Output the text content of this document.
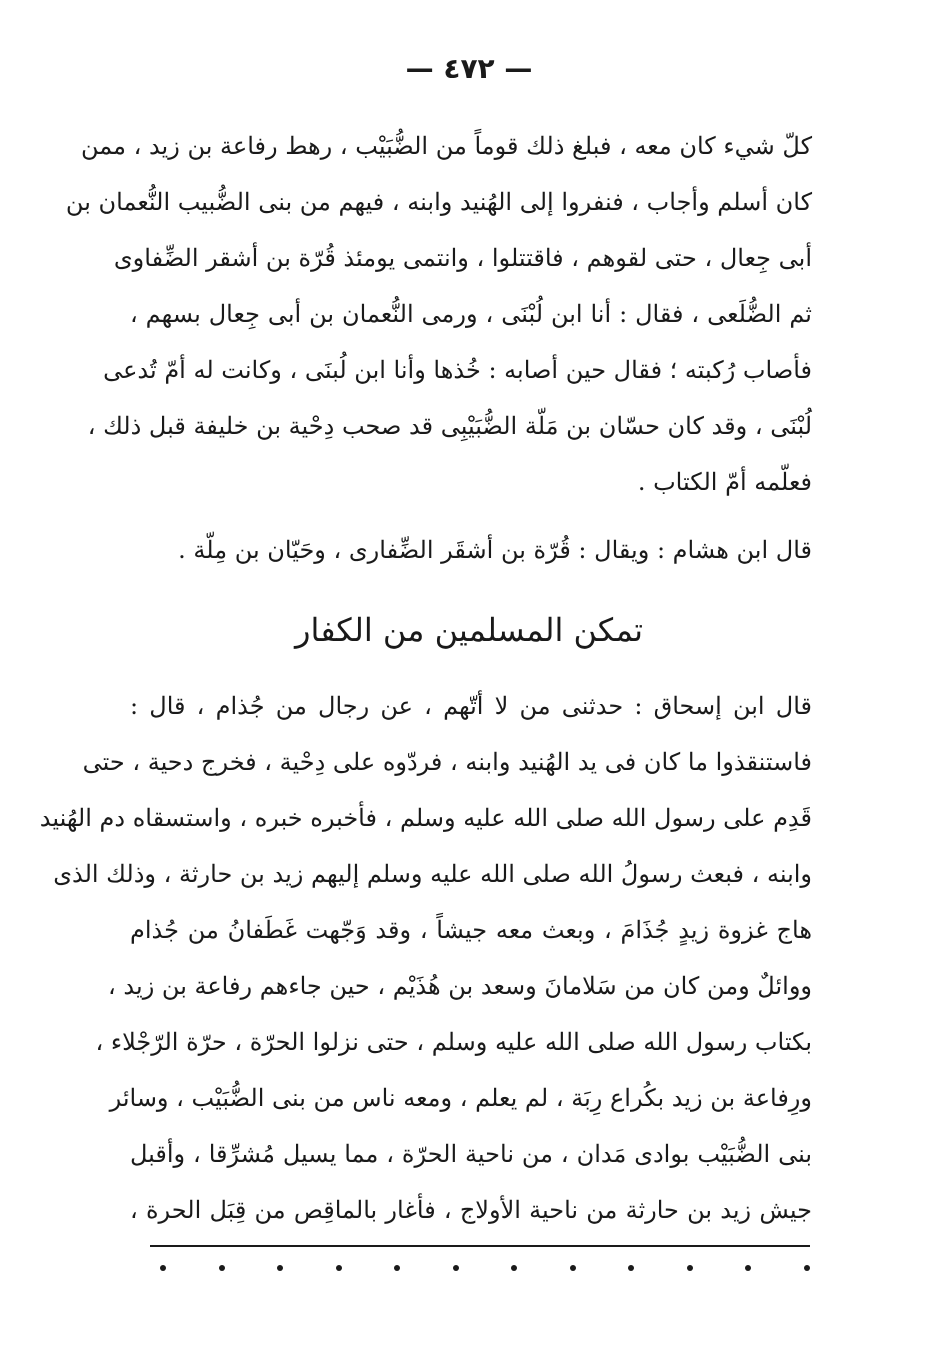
— ٤٧٢ —
كلّ شيء كان معه ، فبلغ ذلك قوماً من الضُّبَيْب ، رهط رفاعة بن زيد ، ممن
كان أسلم وأجاب ، فنفروا إلى الهُنيد وابنه ، فيهم من بنى الضُّبيب النُّعمان بن
أبى جِعال ، حتى لقوهم ، فاقتتلوا ، وانتمى يومئذ قُرّة بن أشقر الضِّفاوى
ثم الضُّلَعى ، فقال : أنا ابن لُبْنَى ، ورمى النُّعمان بن أبى جِعال بسهم ،
فأصاب رُكبته ؛ فقال حين أصابه : خُذها وأنا ابن لُبنَى ، وكانت له أمّ تُدعى
لُبْنَى ، وقد كان حسّان بن مَلّة الضُّبَيْبِى قد صحب دِحْية بن خليفة قبل ذلك ،
فعلّمه أمّ الكتاب .
قال ابن هشام : ويقال : قُرّة بن أشقَر الضِّفارى ، وحَيّان بن مِلّة .
تمكن المسلمين من الكفار
قال ابن إسحاق : حدثنى من لا أتّهم ، عن رجال من جُذام ، قال :
فاستنقذوا ما كان فى يد الهُنيد وابنه ، فردّوه على دِحْية ، فخرج دحية ، حتى
قَدِم على رسول الله صلى الله عليه وسلم ، فأخبره خبره ، واستسقاه دم الهُنيد
وابنه ، فبعث رسولُ الله صلى الله عليه وسلم إليهم زيد بن حارثة ، وذلك الذى
هاج غزوة زيدٍ جُذَامَ ، وبعث معه جيشاً ، وقد وَجّهت غَطَفانُ من جُذام
ووائلٌ ومن كان من سَلامانَ وسعد بن هُذَيْم ، حين جاءهم رفاعة بن زيد ،
بكتاب رسول الله صلى الله عليه وسلم ، حتى نزلوا الحرّة ، حرّة الرّجْلاء ،
ورِفاعة بن زيد بكُراع رِبَة ، لم يعلم ، ومعه ناس من بنى الضُّبَيْب ، وسائر
بنى الضُّبَيْب بوادى مَدان ، من ناحية الحرّة ، مما يسيل مُشرِّقا ، وأقبل
جيش زيد بن حارثة من ناحية الأولاج ، فأغار بالماقِص من قِبَل الحرة ،
